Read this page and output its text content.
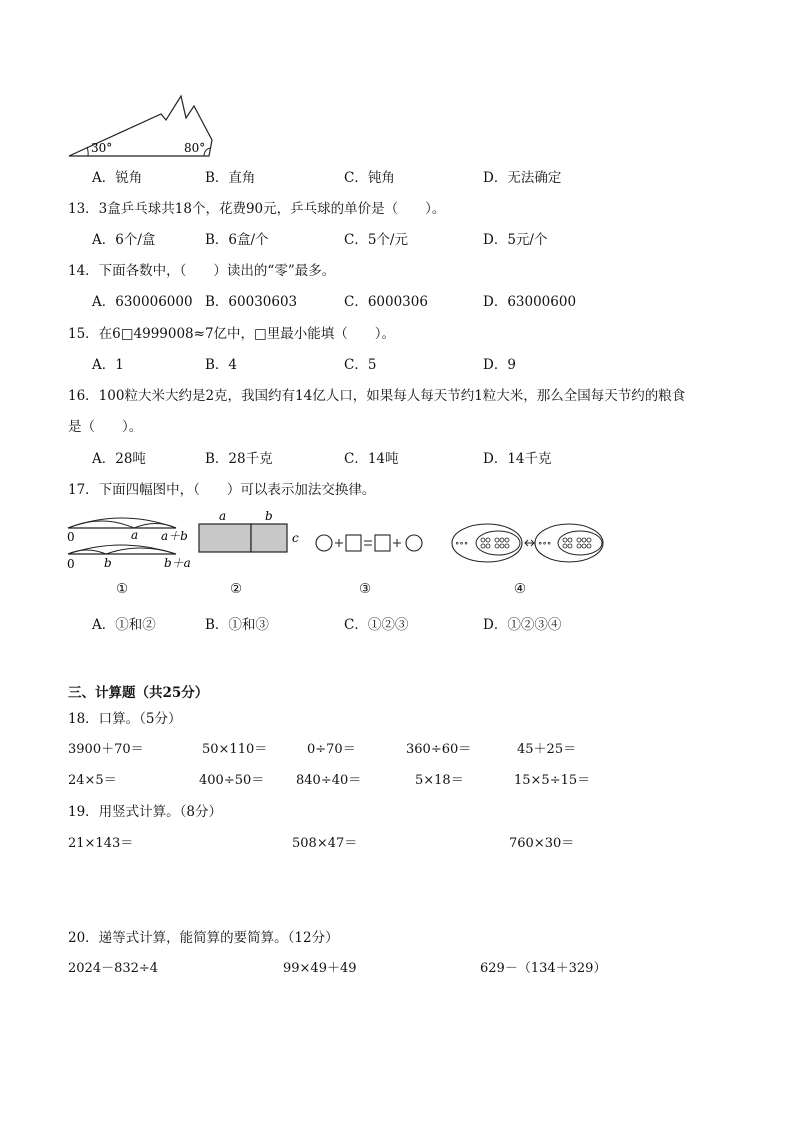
30°	80°
A．锐角	B．直角	C．钝角	D．无法确定
13．3盒乒乓球共18个，花费90元，乒乓球的单价是（　　）。
A．6个/盒	B．6盒/个	C．5个/元	D．5元/个
14．下面各数中，（　　）读出的“零”最多。
A．630006000 B．60030603	C．6000306	D．63000600
15．在6□4999008≈7亿中，□里最小能填（　　）。
A．1	B．4	C．5	D．9
16．100粒大米大约是2克，我国约有14亿人口，如果每人每天节约1粒大米，那么全国每天节约的粮食
是（　　）。
A．28吨	B．28千克	C．14吨	D．14千克
17．下面四幅图中，（　　）可以表示加法交换律。
0	a a＋b
0 b	b＋a
a	b
c	∘∘∘	∘∘∘
①	②	③	④
A．①和②	B．①和③	C．①②③	D．①②③④
三、计算题（共25分）
18．口算。（5分）
3900＋70＝	50×110＝	0÷70＝	360÷60＝	45＋25＝
24×5＝	400÷50＝ 840÷40＝	5×18＝	15×5÷15＝
19．用竖式计算。（8分）
21×143＝	508×47＝	760×30＝
20．递等式计算，能简算的要简算。（12分）
2024－832÷4	99×49＋49	629－（134＋329）
